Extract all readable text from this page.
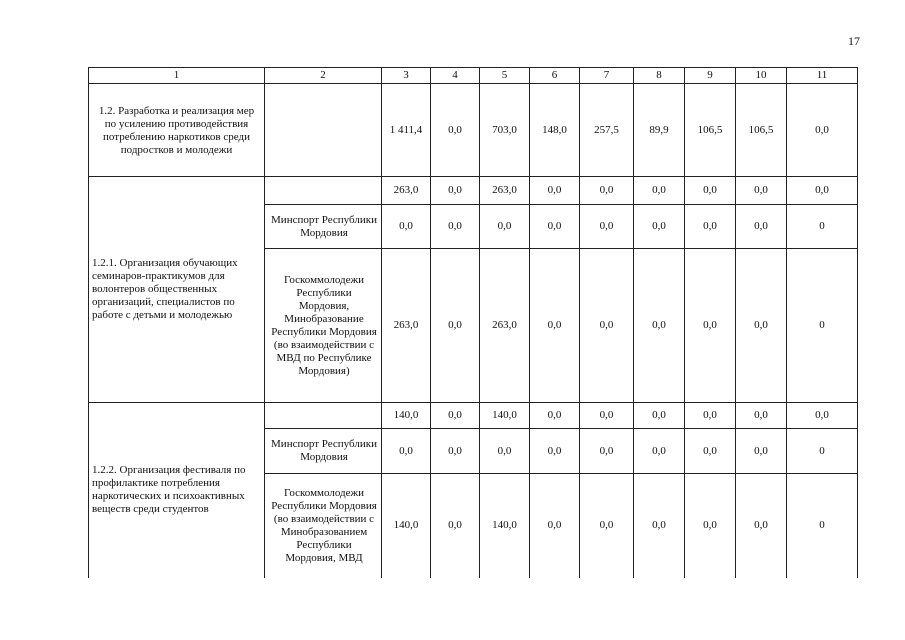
17
1	2	3	4	5	6	7	8	9	10	11
1.2. Разработка и реализация мер по усилению противодействия потреблению наркотиков среди подростков и молодежи		1 411,4	0,0	703,0	148,0	257,5	89,9	106,5	106,5	0,0
1.2.1. Организация обучающих семинаров-практикумов для волонтеров общественных организаций, специалистов по работе с детьми и молодежью		263,0	0,0	263,0	0,0	0,0	0,0	0,0	0,0	0,0
	Минспорт Республики Мордовия	0,0	0,0	0,0	0,0	0,0	0,0	0,0	0,0	0
	Госкоммолодежи Республики Мордовия, Минобразование Республики Мордовия (во взаимодействии с МВД по Республике Мордовия)	263,0	0,0	263,0	0,0	0,0	0,0	0,0	0,0	0
1.2.2. Организация фестиваля по профилактике потребления наркотических и психоактивных веществ среди студентов		140,0	0,0	140,0	0,0	0,0	0,0	0,0	0,0	0,0
	Минспорт Республики Мордовия	0,0	0,0	0,0	0,0	0,0	0,0	0,0	0,0	0
	Госкоммолодежи Республики Мордовия (во взаимодействии с Минобразованием Республики Мордовия, МВД	140,0	0,0	140,0	0,0	0,0	0,0	0,0	0,0	0
